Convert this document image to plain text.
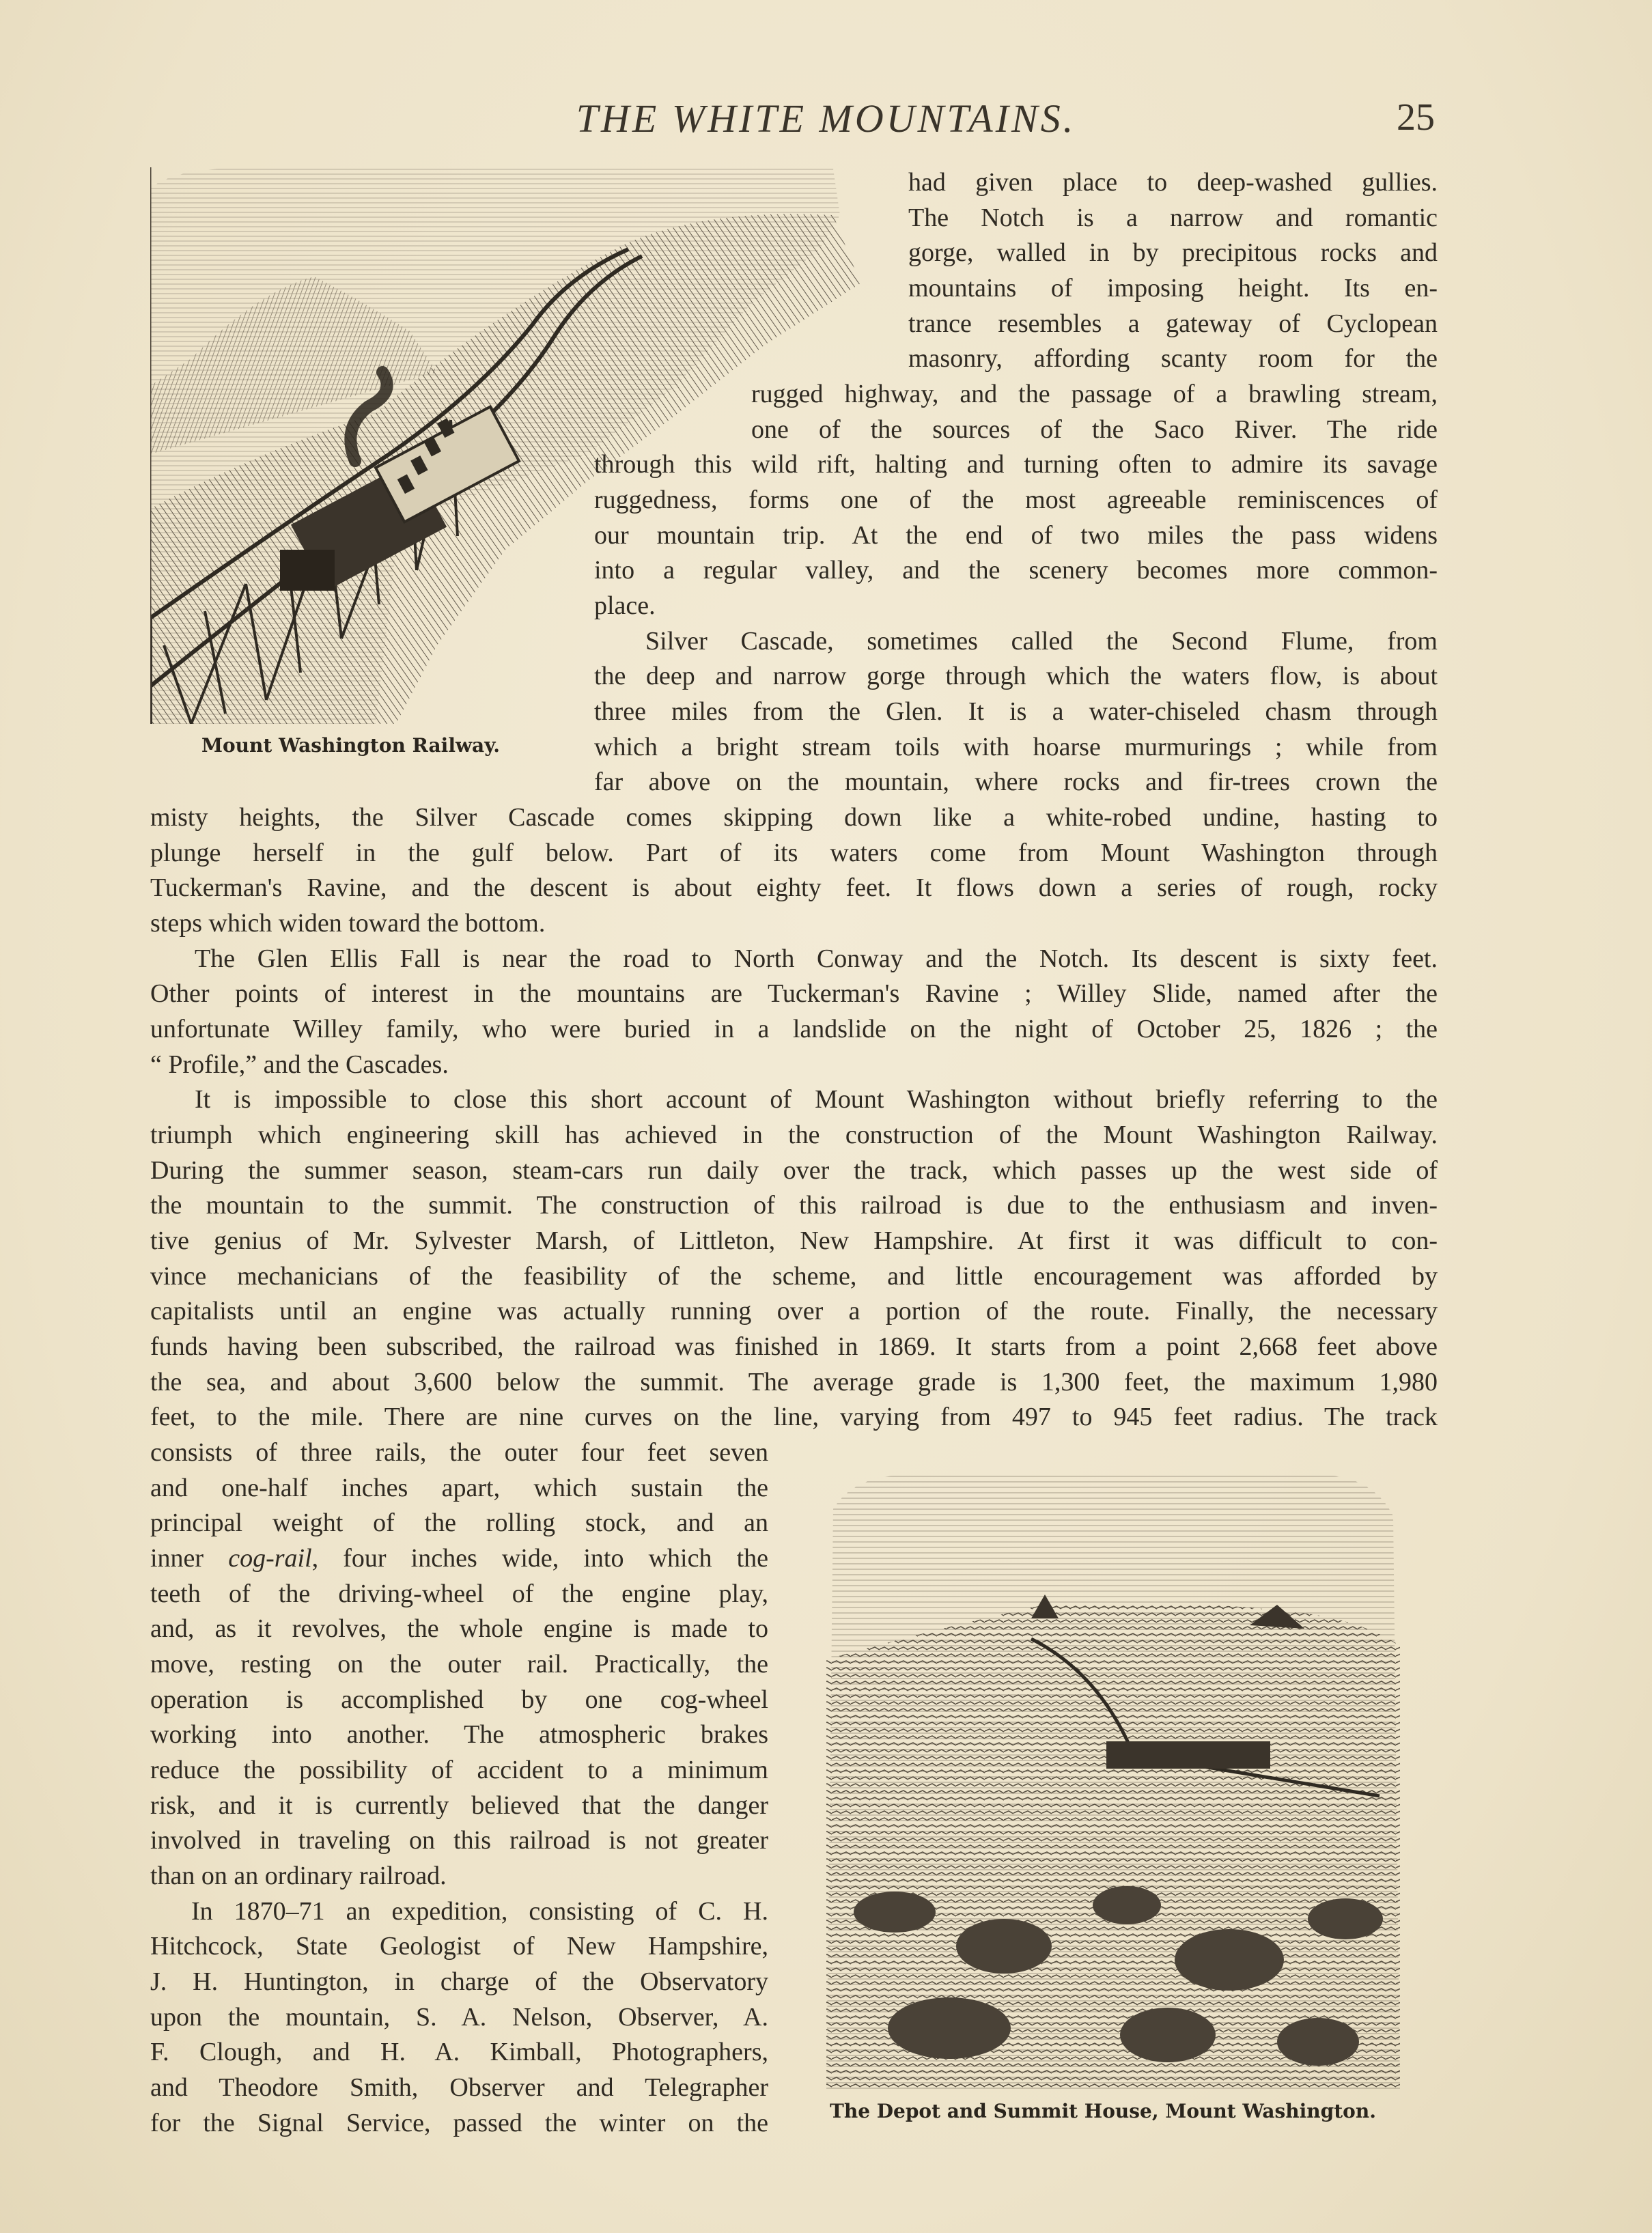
THE WHITE MOUNTAINS.	25
Mount Washington Railway.
The Depot and Summit House, Mount Washington.

had given place to deep-washed gullies.

The Notch is a narrow and romantic

gorge, walled in by precipitous rocks and

mountains of imposing height. Its en-

trance resembles a gateway of Cyclopean

masonry, affording scanty room for the

rugged highway, and the passage of a brawling stream,

one of the sources of the Saco River. The ride

through this wild rift, halting and turning often to admire its savage

ruggedness, forms one of the most agreeable reminiscences of

our mountain trip. At the end of two miles the pass widens

into a regular valley, and the scenery becomes more common-

place.

Silver Cascade, sometimes called the Second Flume, from

the deep and narrow gorge through which the waters flow, is about

three miles from the Glen. It is a water-chiseled chasm through

which a bright stream toils with hoarse murmurings ; while from

far above on the mountain, where rocks and fir-trees crown the

misty heights, the Silver Cascade comes skipping down like a white-robed undine, hasting to

plunge herself in the gulf below. Part of its waters come from Mount Washington through

Tuckerman's Ravine, and the descent is about eighty feet. It flows down a series of rough, rocky

steps which widen toward the bottom.

The Glen Ellis Fall is near the road to North Conway and the Notch. Its descent is sixty feet.

Other points of interest in the mountains are Tuckerman's Ravine ; Willey Slide, named after the

unfortunate Willey family, who were buried in a landslide on the night of October 25, 1826 ; the

“ Profile,” and the Cascades.

It is impossible to close this short account of Mount Washington without briefly referring to the

triumph which engineering skill has achieved in the construction of the Mount Washington Railway.

During the summer season, steam-cars run daily over the track, which passes up the west side of

the mountain to the summit. The construction of this railroad is due to the enthusiasm and inven-

tive genius of Mr. Sylvester Marsh, of Littleton, New Hampshire. At first it was difficult to con-

vince mechanicians of the feasibility of the scheme, and little encouragement was afforded by

capitalists until an engine was actually running over a portion of the route. Finally, the necessary

funds having been subscribed, the railroad was finished in 1869. It starts from a point 2,668 feet above

the sea, and about 3,600 below the summit. The average grade is 1,300 feet, the maximum 1,980

feet, to the mile. There are nine curves on the line, varying from 497 to 945 feet radius. The track

consists of three rails, the outer four feet seven

and one-half inches apart, which sustain the

principal weight of the rolling stock, and an

inner cog-rail, four inches wide, into which the

teeth of the driving-wheel of the engine play,

and, as it revolves, the whole engine is made to

move, resting on the outer rail. Practically, the

operation is accomplished by one cog-wheel

working into another. The atmospheric brakes

reduce the possibility of accident to a minimum

risk, and it is currently believed that the danger

involved in traveling on this railroad is not greater

than on an ordinary railroad.

In 1870–71 an expedition, consisting of C. H.

Hitchcock, State Geologist of New Hampshire,

J. H. Huntington, in charge of the Observatory

upon the mountain, S. A. Nelson, Observer, A.

F. Clough, and H. A. Kimball, Photographers,

and Theodore Smith, Observer and Telegrapher

for the Signal Service, passed the winter on the
